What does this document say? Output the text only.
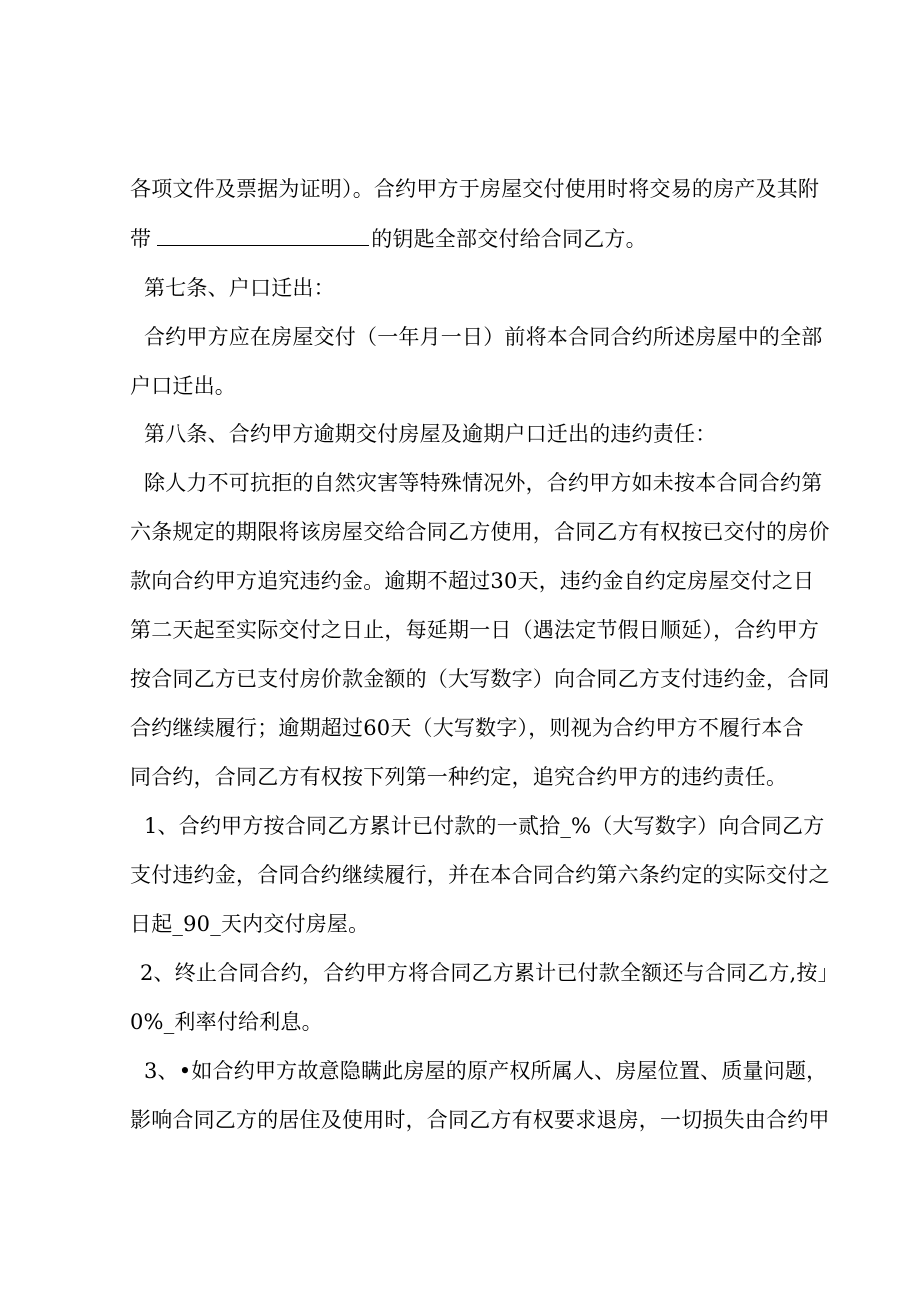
各项文件及票据为证明）。合约甲方于房屋交付使用时将交易的房产及其附
带	的钥匙全部交付给合同乙方。
第七条、户口迁出：
合约甲方应在房屋交付（一年月一日）前将本合同合约所述房屋中的全部
户口迁出。
第八条、合约甲方逾期交付房屋及逾期户口迁出的违约责任：
除人力不可抗拒的自然灾害等特殊情况外，合约甲方如未按本合同合约第
六条规定的期限将该房屋交给合同乙方使用，合同乙方有权按已交付的房价
款向合约甲方追究违约金。逾期不超过30天，违约金自约定房屋交付之日
第二天起至实际交付之日止，每延期一日（遇法定节假日顺延），合约甲方
按合同乙方已支付房价款金额的（大写数字）向合同乙方支付违约金，合同
合约继续履行；逾期超过60天（大写数字），则视为合约甲方不履行本合
同合约，合同乙方有权按下列第一种约定，追究合约甲方的违约责任。
1、合约甲方按合同乙方累计已付款的一贰拾_%（大写数字）向合同乙方
支付违约金，合同合约继续履行，并在本合同合约第六条约定的实际交付之
日起_90_天内交付房屋。
2、终止合同合约，合约甲方将合同乙方累计已付款全额还与合同乙方,按」
0%_利率付给利息。
3、•如合约甲方故意隐瞒此房屋的原产权所属人、房屋位置、质量问题，
影响合同乙方的居住及使用时，合同乙方有权要求退房，一切损失由合约甲
